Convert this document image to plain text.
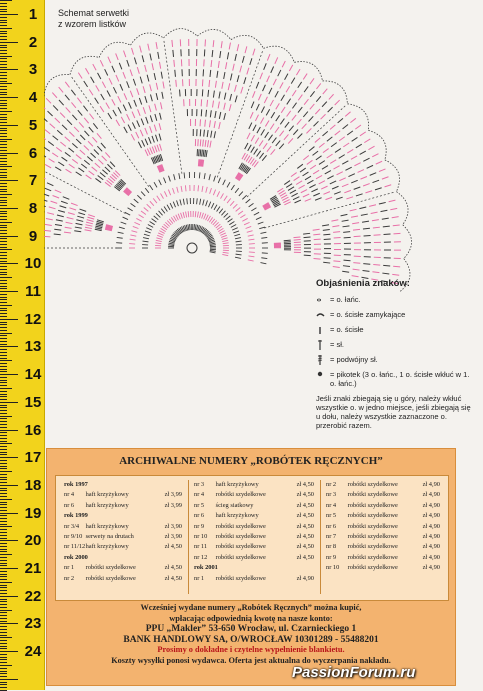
1
2
3
4
5
6
7
8
9
10
11
12
13
14
15
16
17
18
19
20
21
22
23
24
Schemat serwetki
z wzorem listków
Objaśnienia znaków:
= o. łańc.
= o. ścisłe zamykające
= o. ścisłe
= sł.
= podwójny sł.
= pikotek (3 o. łańc., 1 o. ścisłe wkłuć w 1. o. łańc.)
Jeśli znaki zbiegają się u góry, należy wkłuć wszystkie o. w jedno miejsce, jeśli zbiegają się u dołu, należy wszystkie zaznaczone o. przerobić razem.
ARCHIWALNE NUMERY „ROBÓTEK RĘCZNYCH”
rok 1997
nr 4 haft krzyżykowy	zł 3,99
nr 6 haft krzyżykowy	zł 3,99
rok 1999
nr 3/4 haft krzyżykowy	zł 3,90
nr 9/10 serwety na drutach	zł 3,90
nr 11/12 haft krzyżykowy	zł 4,50
rok 2000
nr 1 robótki szydełkowe	zł 4,50
nr 2 robótki szydełkowe	zł 4,50
nr 3 haft krzyżykowy	zł 4,50
nr 4 robótki szydełkowe	zł 4,50
nr 5 ścieg siatkowy	zł 4,50
nr 6 haft krzyżykowy	zł 4,50
nr 9 robótki szydełkowe	zł 4,50
nr 10 robótki szydełkowe	zł 4,50
nr 11 robótki szydełkowe	zł 4,50
nr 12 robótki szydełkowe	zł 4,50
rok 2001
nr 1 robótki szydełkowe	zł 4,90
nr 2 robótki szydełkowe	zł 4,90
nr 3 robótki szydełkowe	zł 4,90
nr 4 robótki szydełkowe	zł 4,90
nr 5 robótki szydełkowe	zł 4,90
nr 6 robótki szydełkowe	zł 4,90
nr 7 robótki szydełkowe	zł 4,90
nr 8 robótki szydełkowe	zł 4,90
nr 9 robótki szydełkowe	zł 4,90
nr 10 robótki szydełkowe	zł 4,90
Wcześniej wydane numery „Robótek Ręcznych” można kupić,
wpłacając odpowiednią kwotę na nasze konto:
PPU „Makler” 53-650 Wrocław, ul. Czarnieckiego 1
BANK HANDLOWY SA, O/WROCŁAW 10301289 - 55488201
Prosimy o dokładne i czytelne wypełnienie blankietu.
Koszty wysyłki ponosi wydawca. Oferta jest aktualna do wyczerpania nakładu.
PassionForum.ru
